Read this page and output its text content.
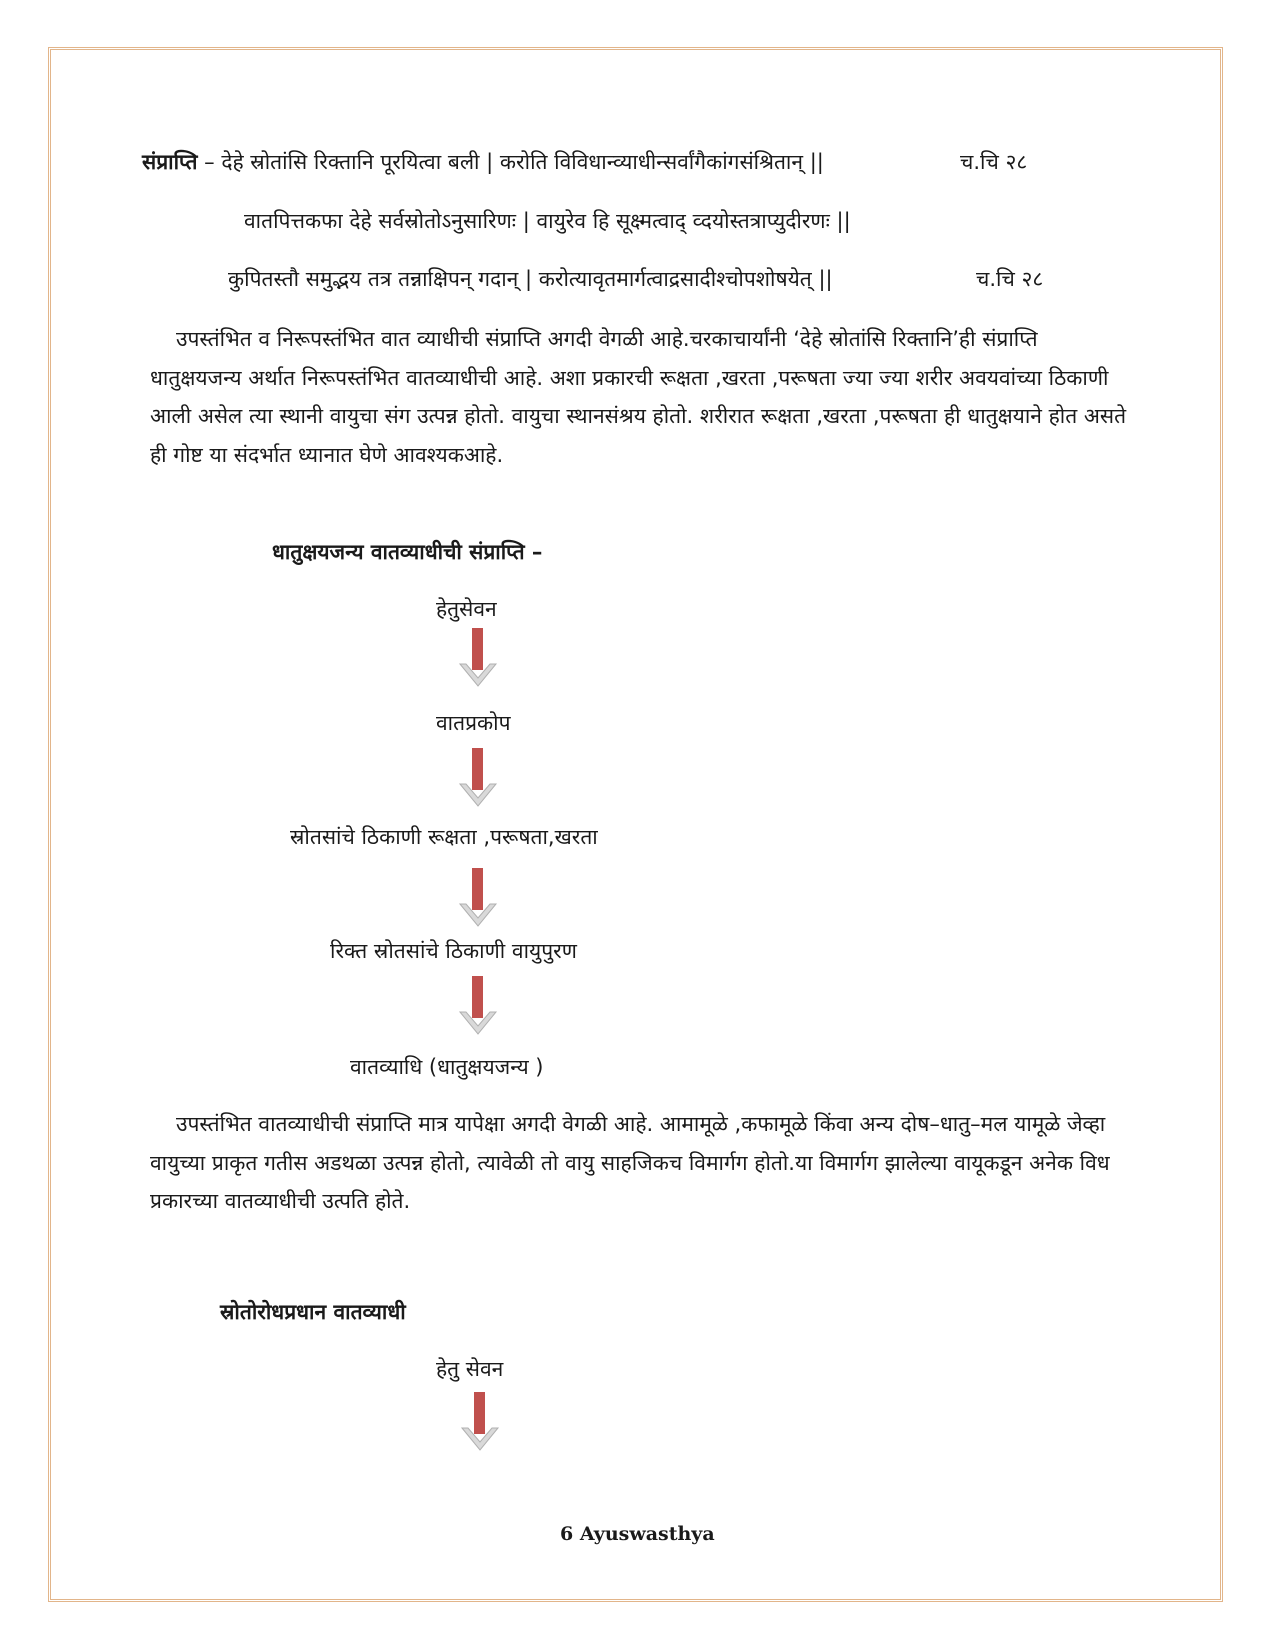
संप्राप्ति – देहे स्रोतांसि रिक्तानि पूरयित्वा बली | करोति विविधान्व्याधीन्सर्वांगैकांगसंश्रितान् ||	च.चि २८
वातपित्तकफा देहे सर्वस्रोतोऽनुसारिणः | वायुरेव हि सूक्ष्मत्वाद् व्दयोस्तत्राप्युदीरणः ||
कुपितस्तौ समुद्भय तत्र तन्नाक्षिपन् गदान् | करोत्यावृतमार्गत्वाद्रसादीश्चोपशोषयेत् ||	च.चि २८
उपस्तंभित व निरूपस्तंभित वात व्याधीची संप्राप्ति अगदी वेगळी आहे.चरकाचार्यांनी ‘देहे स्रोतांसि रिक्तानि’ही संप्राप्ति धातुक्षयजन्य अर्थात निरूपस्तंभित वातव्याधीची आहे. अशा प्रकारची रूक्षता ,खरता ,परूषता ज्या ज्या शरीर अवयवांच्या ठिकाणी आली असेल त्या स्थानी वायुचा संग उत्पन्न होतो. वायुचा स्थानसंश्रय होतो. शरीरात रूक्षता ,खरता ,परूषता ही धातुक्षयाने होत असते ही गोष्ट या संदर्भात ध्यानात घेणे आवश्यकआहे.
धातुक्षयजन्य वातव्याधीची संप्राप्ति –
हेतुसेवन
वातप्रकोप
स्रोतसांचे ठिकाणी रूक्षता ,परूषता,खरता
रिक्त स्रोतसांचे ठिकाणी वायुपुरण
वातव्याधि (धातुक्षयजन्य )
उपस्तंभित वातव्याधीची संप्राप्ति मात्र यापेक्षा अगदी वेगळी आहे. आमामूळे ,कफामूळे किंवा अन्य दोष–धातु–मल यामूळे जेव्हा वायुच्या प्राकृत गतीस अडथळा उत्पन्न होतो, त्यावेळी तो वायु साहजिकच विमार्गग होतो.या विमार्गग झालेल्या वायूकडून अनेक विध प्रकारच्या वातव्याधीची उत्पति होते.
स्रोतोरोधप्रधान वातव्याधी
हेतु सेवन
6 Ayuswasthya
